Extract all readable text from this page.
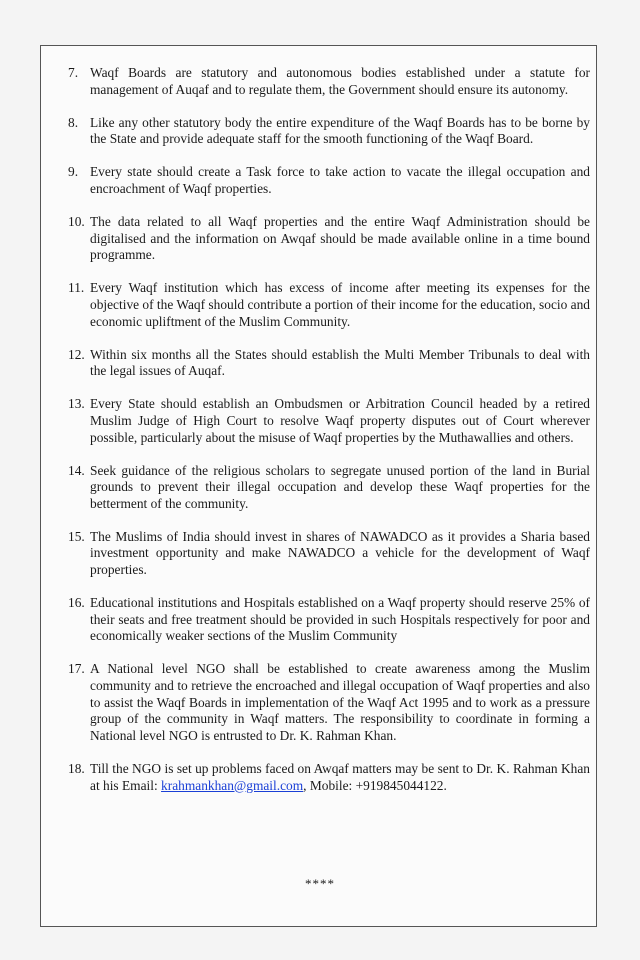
7. Waqf Boards are statutory and autonomous bodies established under a statute for management of Auqaf and to regulate them, the Government should ensure its autonomy.
8. Like any other statutory body the entire expenditure of the Waqf Boards has to be borne by the State and provide adequate staff for the smooth functioning of the Waqf Board.
9. Every state should create a Task force to take action to vacate the illegal occupation and encroachment of Waqf properties.
10. The data related to all Waqf properties and the entire Waqf Administration should be digitalised and the information on Awqaf should be made available online in a time bound programme.
11. Every Waqf institution which has excess of income after meeting its expenses for the objective of the Waqf should contribute a portion of their income for the education, socio and economic upliftment of the Muslim Community.
12. Within six months all the States should establish the Multi Member Tribunals to deal with the legal issues of Auqaf.
13. Every State should establish an Ombudsmen or Arbitration Council headed by a retired Muslim Judge of High Court to resolve Waqf property disputes out of Court wherever possible, particularly about the misuse of Waqf properties by the Muthawallies and others.
14. Seek guidance of the religious scholars to segregate unused portion of the land in Burial grounds to prevent their illegal occupation and develop these Waqf properties for the betterment of the community.
15. The Muslims of India should invest in shares of NAWADCO as it provides a Sharia based investment opportunity and make NAWADCO a vehicle for the development of Waqf properties.
16. Educational institutions and Hospitals established on a Waqf property should reserve 25% of their seats and free treatment should be provided in such Hospitals respectively for poor and economically weaker sections of the Muslim Community
17. A National level NGO shall be established to create awareness among the Muslim community and to retrieve the encroached and illegal occupation of Waqf properties and also to assist the Waqf Boards in implementation of the Waqf Act 1995 and to work as a pressure group of the community in Waqf matters. The responsibility to coordinate in forming a National level NGO is entrusted to Dr. K. Rahman Khan.
18. Till the NGO is set up problems faced on Awqaf matters may be sent to Dr. K. Rahman Khan at his Email: krahmankhan@gmail.com, Mobile: +919845044122.
****
